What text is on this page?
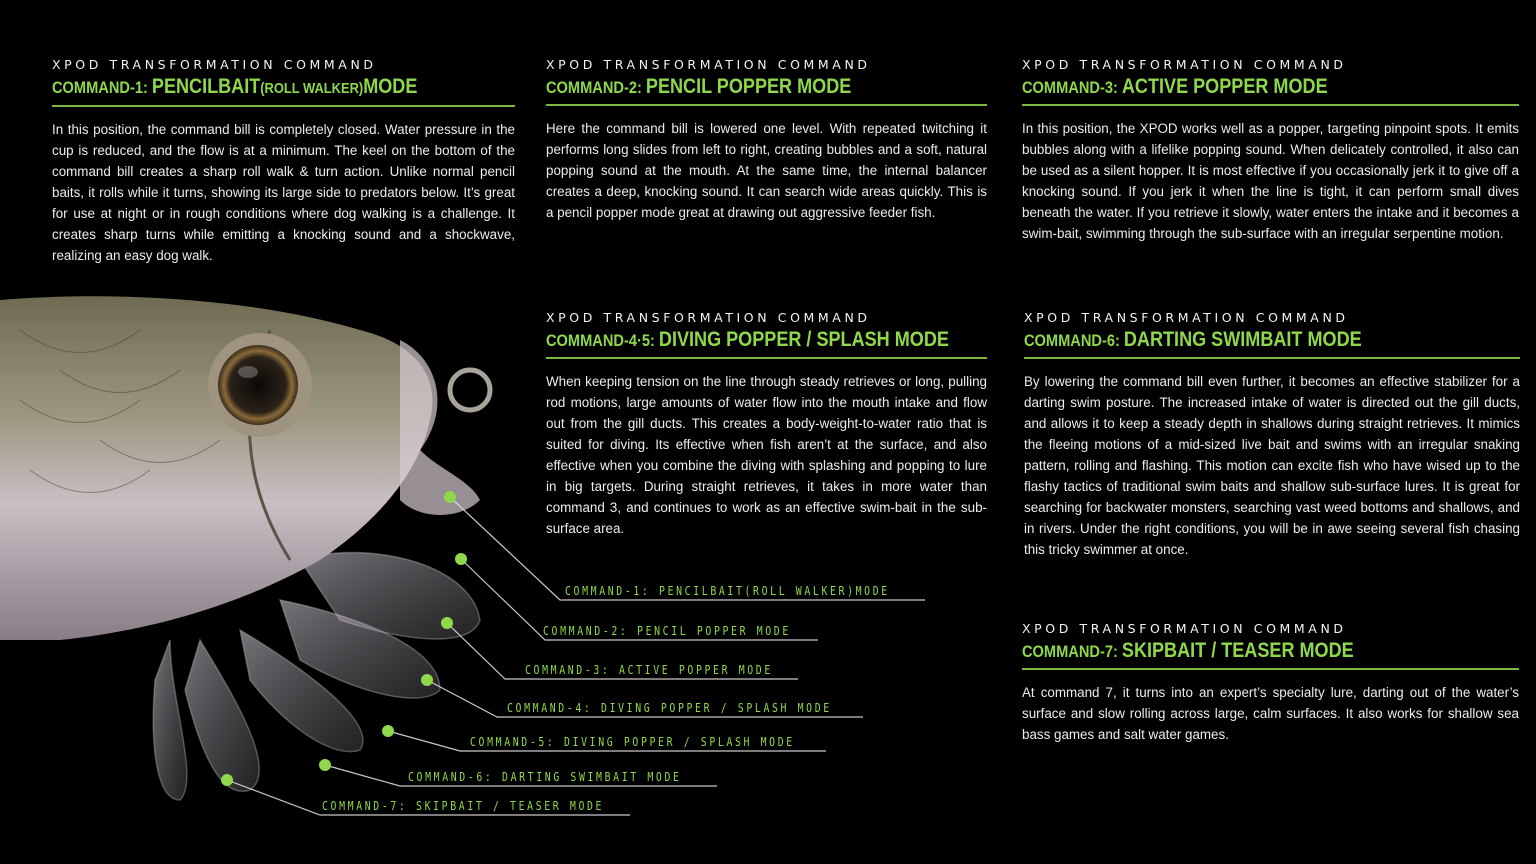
XPOD TRANSFORMATION COMMAND
COMMAND-1: PENCILBAIT(ROLL WALKER)MODE

In this position, the command bill is completely closed. Water pressure in the cup is reduced, and the flow is at a minimum. The keel on the bottom of the command bill creates a sharp roll walk & turn action. Unlike normal pencil baits, it rolls while it turns, showing its large side to predators below. It’s great for use at night or in rough conditions where dog walking is a challenge. It creates sharp turns while emitting a knocking sound and a shockwave, realizing an easy dog walk.

XPOD TRANSFORMATION COMMAND
COMMAND-2: PENCIL POPPER MODE

Here the command bill is lowered one level. With repeated twitching it performs long slides from left to right, creating bubbles and a soft, natural popping sound at the mouth. At the same time, the internal balancer creates a deep, knocking sound. It can search wide areas quickly. This is a pencil popper mode great at drawing out aggressive feeder fish.

XPOD TRANSFORMATION COMMAND
COMMAND-3: ACTIVE POPPER MODE

In this position, the XPOD works well as a popper, targeting pinpoint spots. It emits bubbles along with a lifelike popping sound. When delicately controlled, it also can be used as a silent hopper. It is most effective if you occasionally jerk it to give off a knocking sound. If you jerk it when the line is tight, it can perform small dives beneath the water. If you retrieve it slowly, water enters the intake and it becomes a swim-bait, swimming through the sub-surface with an irregular serpentine motion.

XPOD TRANSFORMATION COMMAND
COMMAND-4·5: DIVING POPPER / SPLASH MODE

When keeping tension on the line through steady retrieves or long, pulling rod motions, large amounts of water flow into the mouth intake and flow out from the gill ducts. This creates a body-weight-to-water ratio that is suited for diving. Its effective when fish aren’t at the surface, and also effective when you combine the diving with splashing and popping to lure in big targets. During straight retrieves, it takes in more water than command 3, and continues to work as an effective swim-bait in the sub-surface area.

XPOD TRANSFORMATION COMMAND
COMMAND-6: DARTING SWIMBAIT MODE

By lowering the command bill even further, it becomes an effective stabilizer for a darting swim posture. The increased intake of water is directed out the gill ducts, and allows it to keep a steady depth in shallows during straight retrieves. It mimics the fleeing motions of a mid-sized live bait and swims with an irregular snaking pattern, rolling and flashing. This motion can excite fish who have wised up to the flashy tactics of traditional swim baits and shallow sub-surface lures. It is great for searching for backwater monsters, searching vast weed bottoms and shallows, and in rivers. Under the right conditions, you will be in awe seeing several fish chasing this tricky swimmer at once.

XPOD TRANSFORMATION COMMAND
COMMAND-7: SKIPBAIT / TEASER MODE

At command 7, it turns into an expert’s specialty lure, darting out of the water’s surface and slow rolling across large, calm surfaces. It also works for shallow sea bass games and salt water games.

COMMAND-1: PENCILBAIT(ROLL WALKER)MODE
COMMAND-2: PENCIL POPPER MODE
COMMAND-3: ACTIVE POPPER MODE
COMMAND-4: DIVING POPPER / SPLASH MODE
COMMAND-5: DIVING POPPER / SPLASH MODE
COMMAND-6: DARTING SWIMBAIT MODE
COMMAND-7: SKIPBAIT / TEASER MODE
